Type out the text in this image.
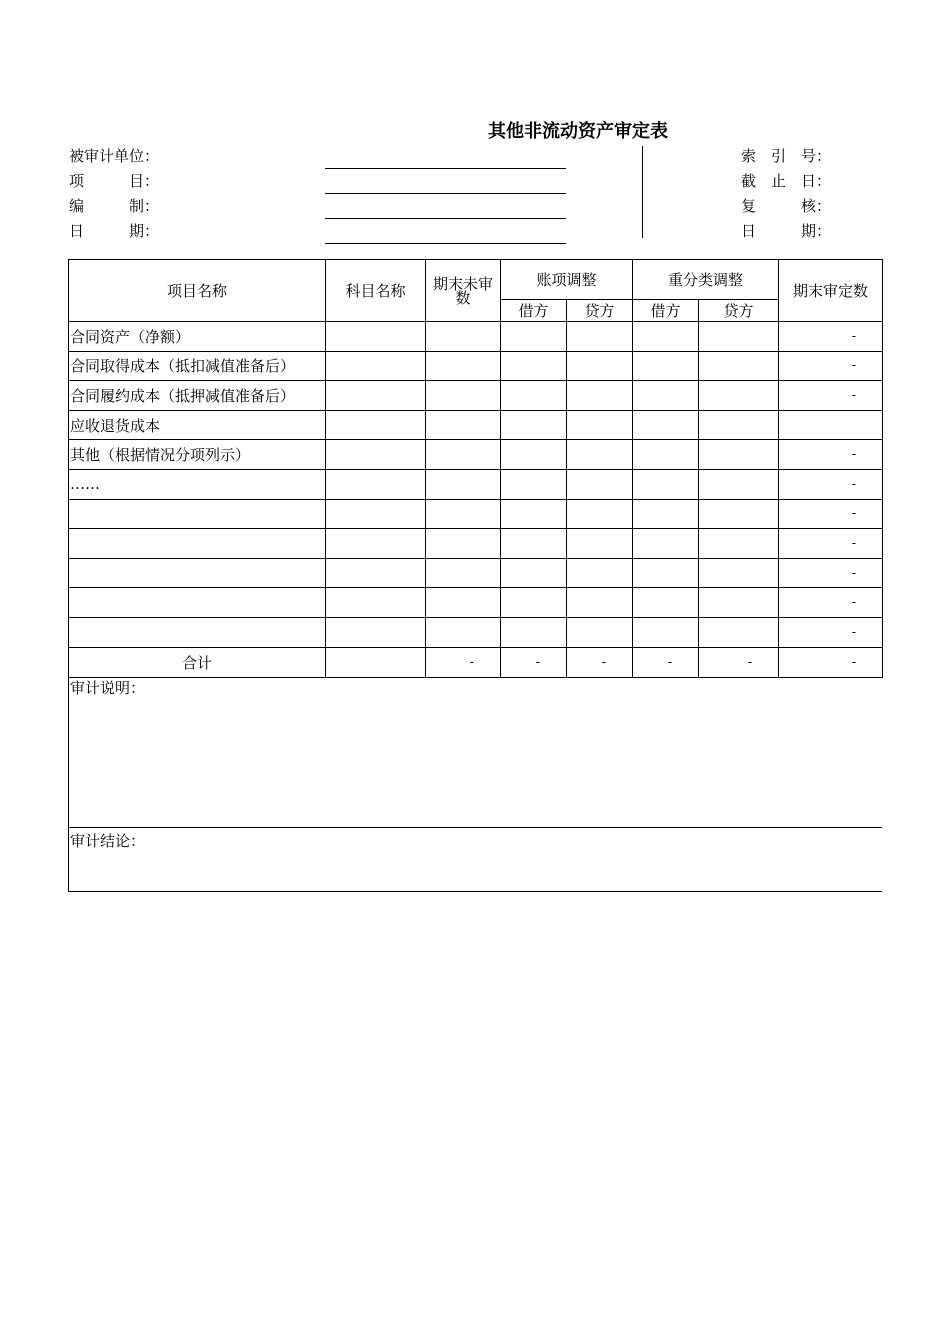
其他非流动资产审定表
被审计单位：
项　　　目：
编　　　制：
日　　　期：
索　引　号：
截　止　日：
复　　　核：
日　　　期：
项目名称	科目名称	期末未审数	账项调整		重分类调整		期末审定数
			借方	贷方	借方	贷方	
合同资产（净额）							-
合同取得成本（抵扣减值准备后）							-
合同履约成本（抵押减值准备后）							-
应收退货成本							
其他（根据情况分项列示）							-
……							-
							-
							-
							-
							-
							-
合计		-	-	-	-	-	-
审计说明：
审计结论：
